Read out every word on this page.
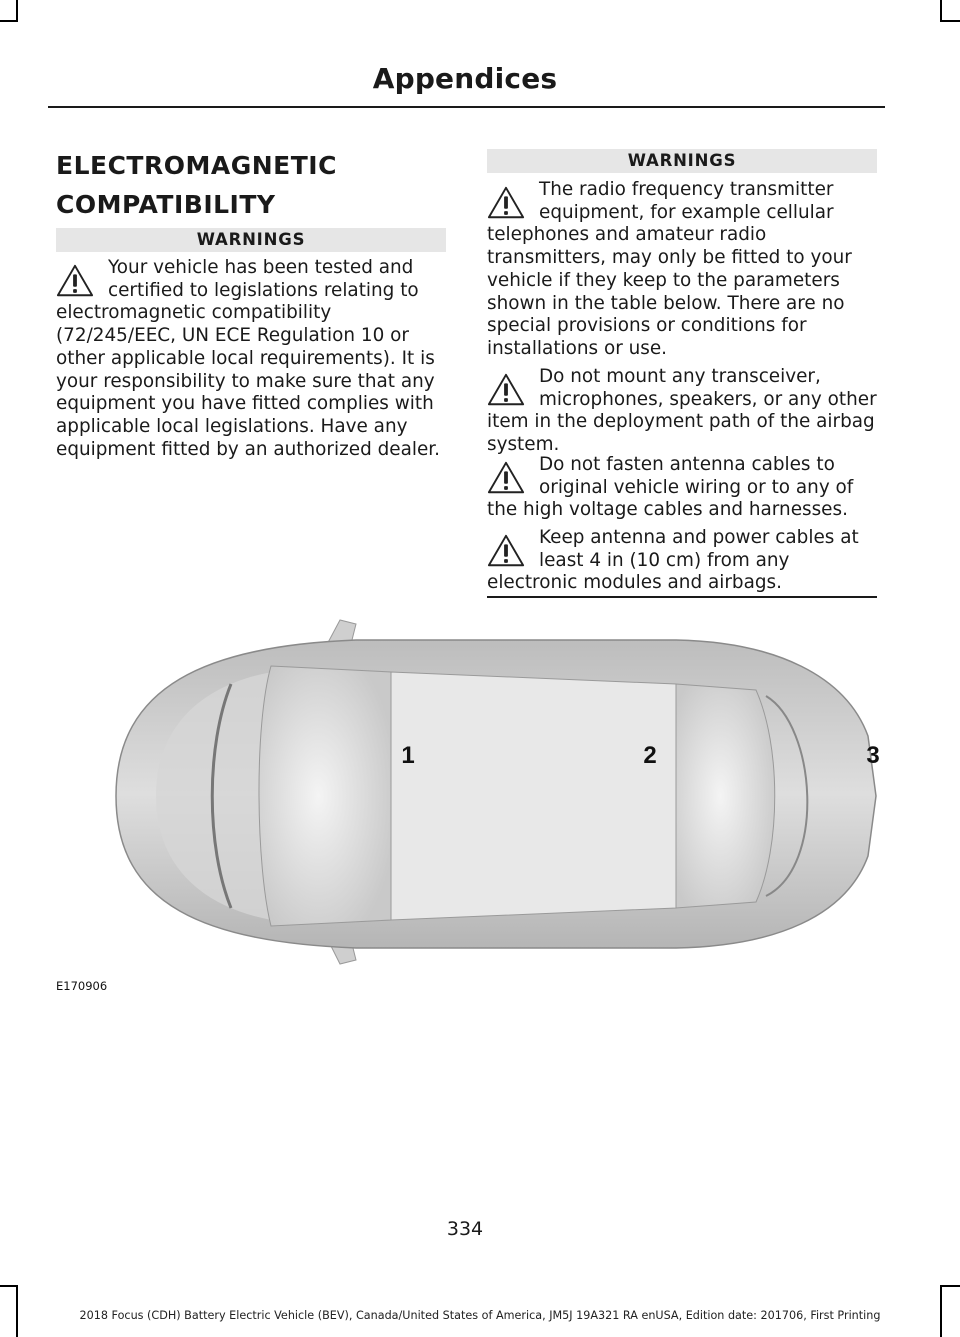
Appendices
ELECTROMAGNETIC
COMPATIBILITY
WARNINGS
Your vehicle has been tested and certified to legislations relating to electromagnetic compatibility (72/245/EEC, UN ECE Regulation 10 or other applicable local requirements). It is your responsibility to make sure that any equipment you have fitted complies with applicable local legislations. Have any equipment fitted by an authorized dealer.
WARNINGS
The radio frequency transmitter equipment, for example cellular telephones and amateur radio transmitters, may only be fitted to your vehicle if they keep to the parameters shown in the table below. There are no special provisions or conditions for installations or use.
Do not mount any transceiver, microphones, speakers, or any other item in the deployment path of the airbag system.
Do not fasten antenna cables to original vehicle wiring or to any of the high voltage cables and harnesses.
Keep antenna and power cables at least 4 in (10 cm) from any electronic modules and airbags.
1	2	3
E170906
334
2018 Focus (CDH) Battery Electric Vehicle (BEV), Canada/United States of America, JM5J 19A321 RA enUSA, Edition date: 201706, First Printing
